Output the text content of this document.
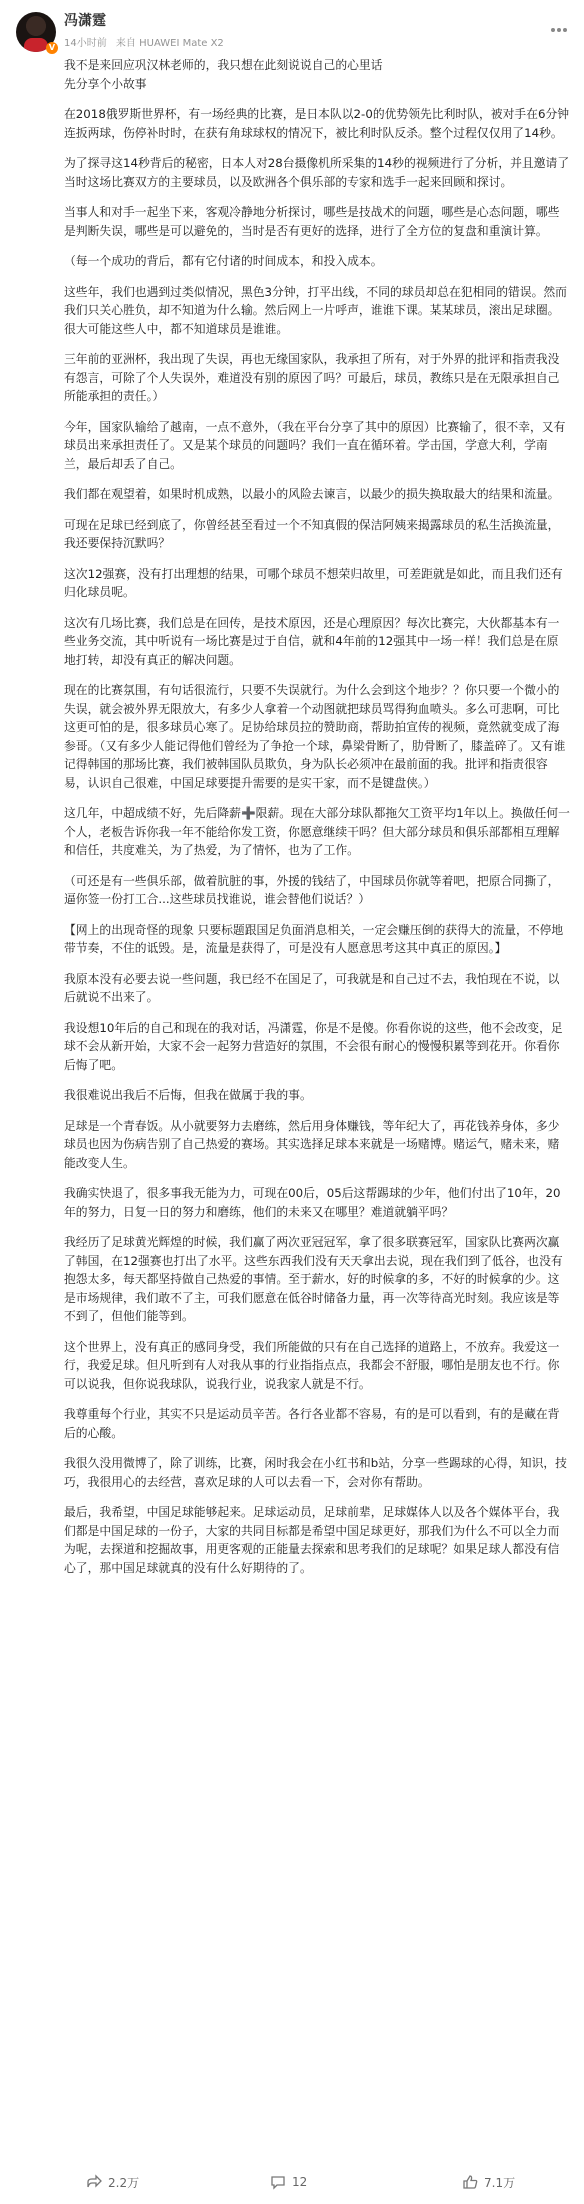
V
冯潇霆
14小时前 来自 HUAWEI Mate X2

我不是来回应巩汉林老师的，我只想在此刻说说自己的心里话

先分享个小故事

在2018俄罗斯世界杯，有一场经典的比赛，是日本队以2-0的优势领先比利时队，被对手在6分钟连扳两球，伤停补时时，在获有角球球权的情况下，被比利时队反杀。整个过程仅仅用了14秒。

为了探寻这14秒背后的秘密，日本人对28台摄像机所采集的14秒的视频进行了分析，并且邀请了当时这场比赛双方的主要球员，以及欧洲各个俱乐部的专家和选手一起来回顾和探讨。

当事人和对手一起坐下来，客观冷静地分析探讨，哪些是技战术的问题，哪些是心态问题，哪些是判断失误，哪些是可以避免的，当时是否有更好的选择，进行了全方位的复盘和重演计算。

（每一个成功的背后，都有它付诸的时间成本，和投入成本。

这些年，我们也遇到过类似情况，黑色3分钟，打平出线，不同的球员却总在犯相同的错误。然而我们只关心胜负，却不知道为什么输。然后网上一片呼声，谁谁下课。某某球员，滚出足球圈。很大可能这些人中，都不知道球员是谁谁。

三年前的亚洲杯，我出现了失误，再也无缘国家队，我承担了所有，对于外界的批评和指责我没有怨言，可除了个人失误外，难道没有别的原因了吗？可最后，球员，教练只是在无限承担自己所能承担的责任。）

今年，国家队输给了越南，一点不意外，（我在平台分享了其中的原因）比赛输了，很不幸，又有球员出来承担责任了。又是某个球员的问题吗？我们一直在循环着。学击国，学意大利，学南兰，最后却丢了自己。

我们都在观望着，如果时机成熟，以最小的风险去谏言，以最少的损失换取最大的结果和流量。

可现在足球已经到底了，你曾经甚至看过一个不知真假的保洁阿姨来揭露球员的私生活换流量，我还要保持沉默吗？

这次12强赛，没有打出理想的结果，可哪个球员不想荣归故里，可差距就是如此，而且我们还有归化球员呢。

这次有几场比赛，我们总是在回传，是技术原因，还是心理原因？每次比赛完，大伙都基本有一些业务交流，其中听说有一场比赛是过于自信，就和4年前的12强其中一场一样！我们总是在原地打转，却没有真正的解决问题。

现在的比赛氛围，有句话很流行，只要不失误就行。为什么会到这个地步？？你只要一个微小的失误，就会被外界无限放大，有多少人拿着一个动图就把球员骂得狗血喷头。多么可悲啊，可比这更可怕的是，很多球员心寒了。足协给球员拉的赞助商，帮助拍宣传的视频，竟然就变成了海参哥。（又有多少人能记得他们曾经为了争抢一个球，鼻梁骨断了，肋骨断了，膝盖碎了。又有谁记得韩国的那场比赛，我们被韩国队员欺负，身为队长必须冲在最前面的我。批评和指责很容易，认识自己很难，中国足球要提升需要的是实干家，而不是键盘侠。）

这几年，中超成绩不好，先后降薪➕限薪。现在大部分球队都拖欠工资平均1年以上。换做任何一个人，老板告诉你我一年不能给你发工资，你愿意继续干吗？但大部分球员和俱乐部都相互理解和信任，共度难关，为了热爱，为了情怀，也为了工作。

（可还是有一些俱乐部，做着肮脏的事，外援的钱结了，中国球员你就等着吧，把原合同撕了，逼你签一份打工合...这些球员找谁说，谁会替他们说话？）

【网上的出现奇怪的现象 只要标题跟国足负面消息相关，一定会赚压倒的获得大的流量，不停地带节奏，不住的诋毁。是，流量是获得了，可是没有人愿意思考这其中真正的原因。】

我原本没有必要去说一些问题，我已经不在国足了，可我就是和自己过不去，我怕现在不说，以后就说不出来了。

我设想10年后的自己和现在的我对话，冯潇霆，你是不是傻。你看你说的这些，他不会改变，足球不会从新开始，大家不会一起努力营造好的氛围，不会很有耐心的慢慢积累等到花开。你看你后悔了吧。

我很难说出我后不后悔，但我在做属于我的事。

足球是一个青春饭。从小就要努力去磨练，然后用身体赚钱，等年纪大了，再花钱养身体，多少球员也因为伤病告别了自己热爱的赛场。其实选择足球本来就是一场赌博。赌运气，赌未来，赌能改变人生。

我确实快退了，很多事我无能为力，可现在00后，05后这帮踢球的少年，他们付出了10年，20年的努力，日复一日的努力和磨练，他们的未来又在哪里？难道就躺平吗？

我经历了足球黄光辉煌的时候，我们赢了两次亚冠冠军，拿了很多联赛冠军，国家队比赛两次赢了韩国，在12强赛也打出了水平。这些东西我们没有天天拿出去说，现在我们到了低谷，也没有抱怨太多，每天都坚持做自己热爱的事情。至于薪水，好的时候拿的多，不好的时候拿的少。这是市场规律，我们敢不了主，可我们愿意在低谷时储备力量，再一次等待高光时刻。我应该是等不到了，但他们能等到。

这个世界上，没有真正的感同身受，我们所能做的只有在自己选择的道路上，不放弃。我爱这一行，我爱足球。但凡听到有人对我从事的行业指指点点，我都会不舒服，哪怕是朋友也不行。你可以说我，但你说我球队，说我行业，说我家人就是不行。

我尊重每个行业，其实不只是运动员辛苦。各行各业都不容易，有的是可以看到，有的是藏在背后的心酸。

我很久没用微博了，除了训练，比赛，闲时我会在小红书和b站，分享一些踢球的心得，知识，技巧，我很用心的去经营，喜欢足球的人可以去看一下，会对你有帮助。

最后，我希望，中国足球能够起来。足球运动员，足球前辈，足球媒体人以及各个媒体平台，我们都是中国足球的一份子，大家的共同目标都是希望中国足球更好，那我们为什么不可以全力而为呢，去探道和挖掘故事，用更客观的正能量去探索和思考我们的足球呢？如果足球人都没有信心了，那中国足球就真的没有什么好期待的了。

2.2万	12	7.1万
